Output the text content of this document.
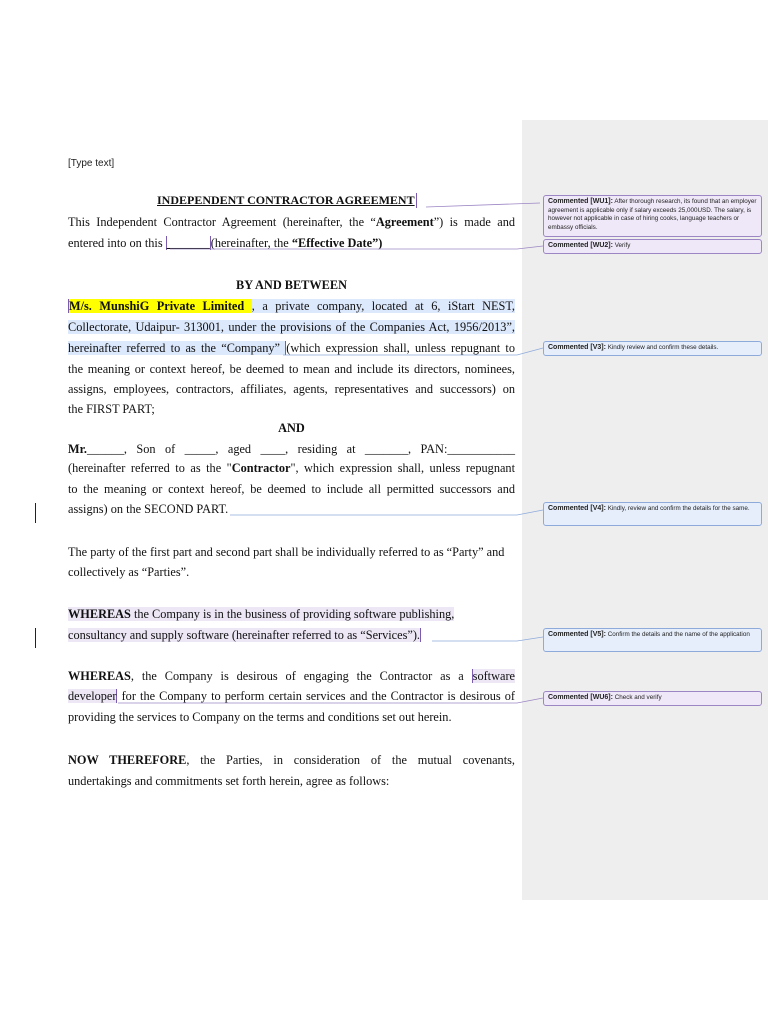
[Type text]
INDEPENDENT CONTRACTOR AGREEMENT
This Independent Contractor Agreement (hereinafter, the “Agreement”) is made and
entered into on this _______(hereinafter, the “Effective Date”)
BY AND BETWEEN
M/s. MunshiG Private Limited , a private company, located at 6, iStart NEST,
Collectorate, Udaipur- 313001, under the provisions of the Companies Act, 1956/2013”,
hereinafter referred to as the “Company” (which expression shall, unless repugnant to
the meaning or context hereof, be deemed to mean and include its directors, nominees,
assigns, employees, contractors, affiliates, agents, representatives and successors) on
the FIRST PART;
AND
Mr.______, Son of _____, aged ____, residing at _______, PAN:___________
(hereinafter referred to as the "Contractor", which expression shall, unless repugnant
to the meaning or context hereof, be deemed to include all permitted successors and
assigns) on the SECOND PART.
The party of the first part and second part shall be individually referred to as “Party” and
collectively as “Parties”.
WHEREAS the Company is in the business of providing software publishing,
consultancy and supply software (hereinafter referred to as “Services”).
WHEREAS, the Company is desirous of engaging the Contractor as a software
developer for the Company to perform certain services and the Contractor is desirous of
providing the services to Company on the terms and conditions set out herein.
NOW THEREFORE, the Parties, in consideration of the mutual covenants,
undertakings and commitments set forth herein, agree as follows:
Commented [WU1]: After thorough research, its found that an employer agreement is applicable only if salary exceeds 25,000USD. The salary, is however not applicable in case of hiring cooks, language teachers or embassy officials.
Commented [WU2]: Verify
Commented [V3]: Kindly review and confirm these details.
Commented [V4]: Kindly, review and confirm the details for the same.
Commented [V5]: Confirm the details and the name of the application
Commented [WU6]: Check and verify
